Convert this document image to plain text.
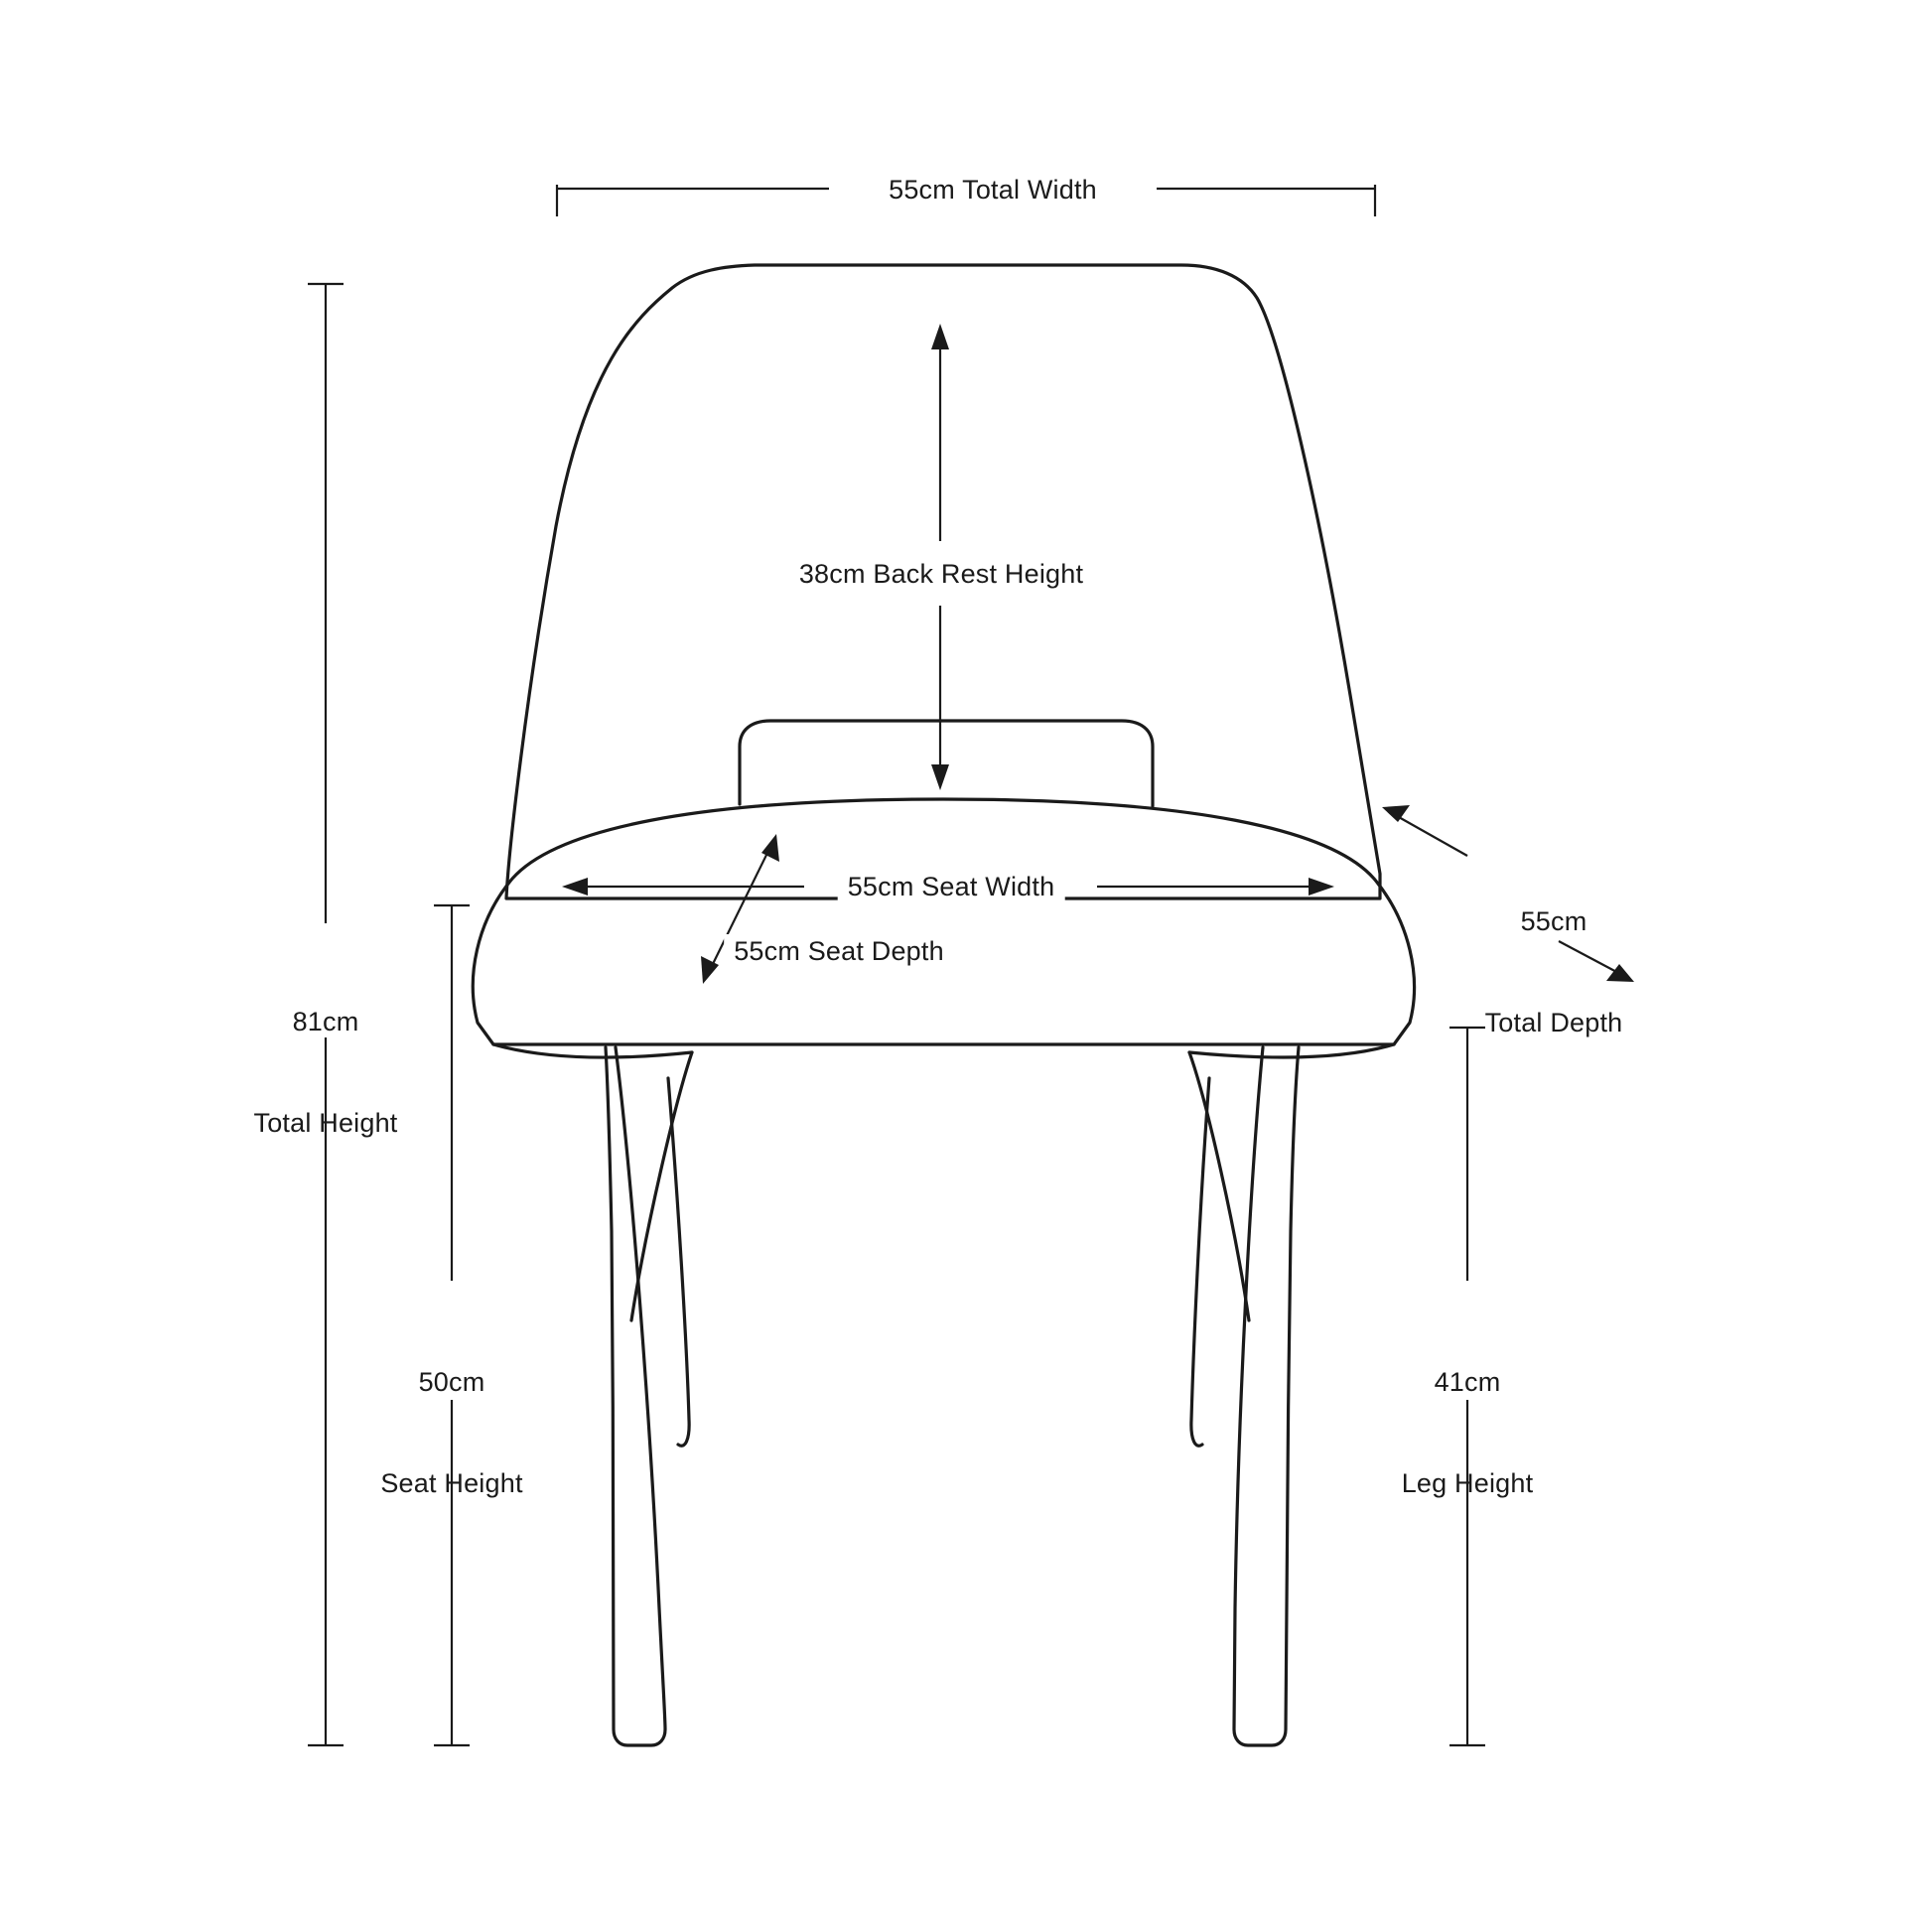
55cm Total Width
38cm Back Rest Height

55cm

Total Depth

55cm Seat Width
55cm Seat Depth

81cm

Total Height

50cm

Seat Height

41cm

Leg Height
